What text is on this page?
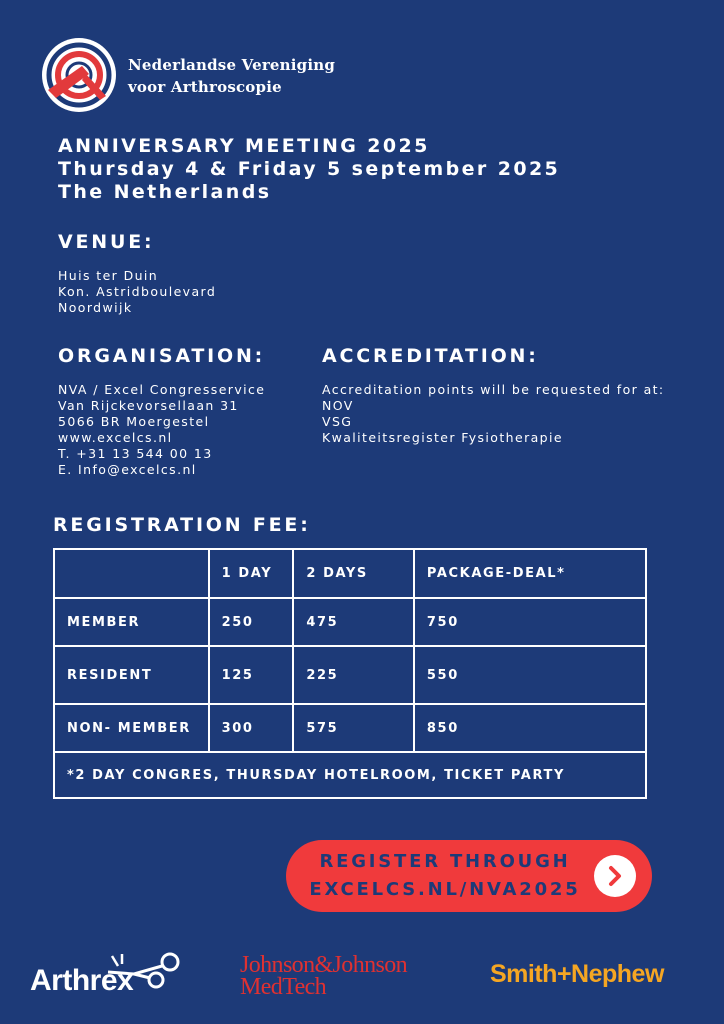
Nederlandse Vereniging
voor Arthroscopie
ANNIVERSARY MEETING 2025
Thursday 4 & Friday 5 september 2025
The Netherlands
VENUE:
Huis ter Duin
Kon. Astridboulevard
Noordwijk
ORGANISATION:
NVA / Excel Congresservice
Van Rijckevorsellaan 31
5066 BR Moergestel
www.excelcs.nl
T. +31 13 544 00 13
E. Info@excelcs.nl
ACCREDITATION:
Accreditation points will be requested for at:
NOV
VSG
Kwaliteitsregister Fysiotherapie
REGISTRATION FEE:
	1 DAY	2 DAYS	PACKAGE-DEAL*
MEMBER	250	475	750
RESIDENT	125	225	550
NON- MEMBER	300	575	850
*2 DAY CONGRES, THURSDAY HOTELROOM, TICKET PARTY			
REGISTER THROUGH
EXCELCS.NL/NVA2025
Arthrex	Johnson&Johnson
MedTech	Smith+Nephew
